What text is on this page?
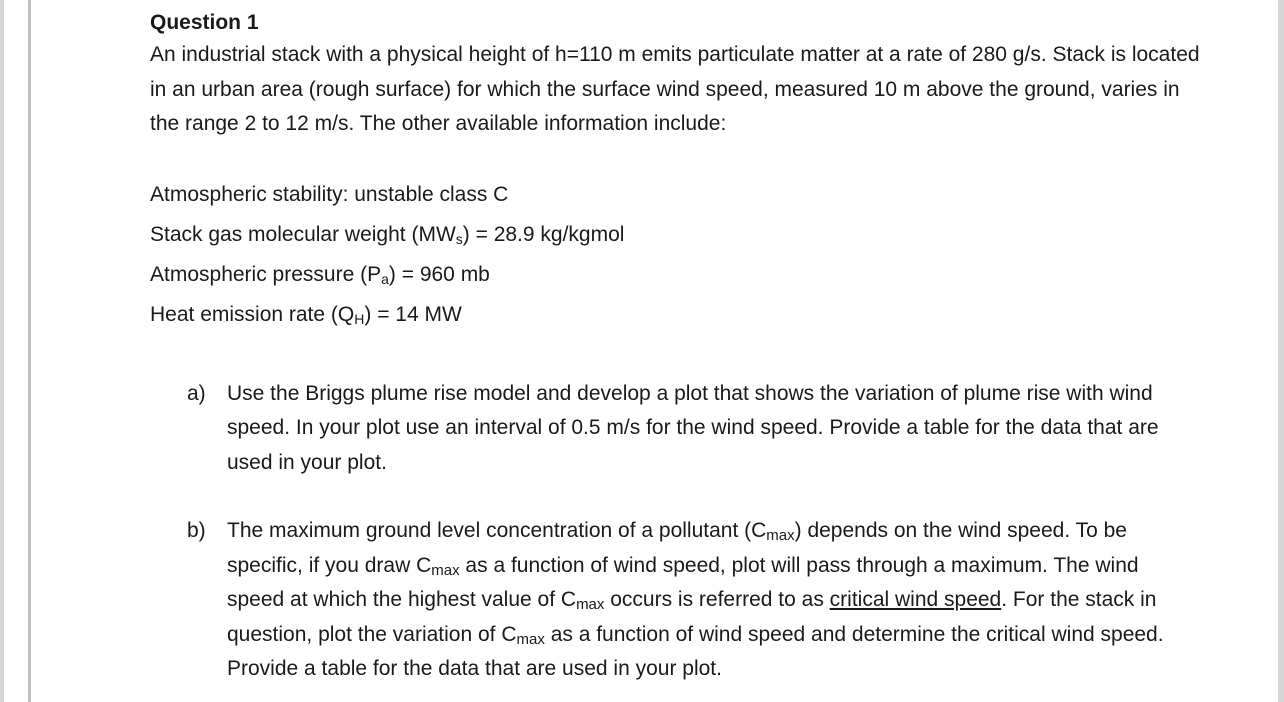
Question 1

An industrial stack with a physical height of h=110 m emits particulate matter at a rate of 280 g/s. Stack is located in an urban area (rough surface) for which the surface wind speed, measured 10 m above the ground, varies in the range 2 to 12 m/s. The other available information include:

Atmospheric stability: unstable class C
Stack gas molecular weight $(MW_s) = 28.9$ kg/kgmol
Atmospheric pressure $(P_a) = 960$ mb
Heat emission rate $(Q_H) = 14$ MW
a)	Use the Briggs plume rise model and develop a plot that shows the variation of plume rise with wind speed. In your plot use an interval of 0.5 m/s for the wind speed. Provide a table for the data that are used in your plot.
b)	The maximum ground level concentration of a pollutant (Cmax) depends on the wind speed. To be specific, if you draw Cmax as a function of wind speed, plot will pass through a maximum. The wind speed at which the highest value of Cmax occurs is referred to as critical wind speed. For the stack in question, plot the variation of Cmax as a function of wind speed and determine the critical wind speed. Provide a table for the data that are used in your plot.
